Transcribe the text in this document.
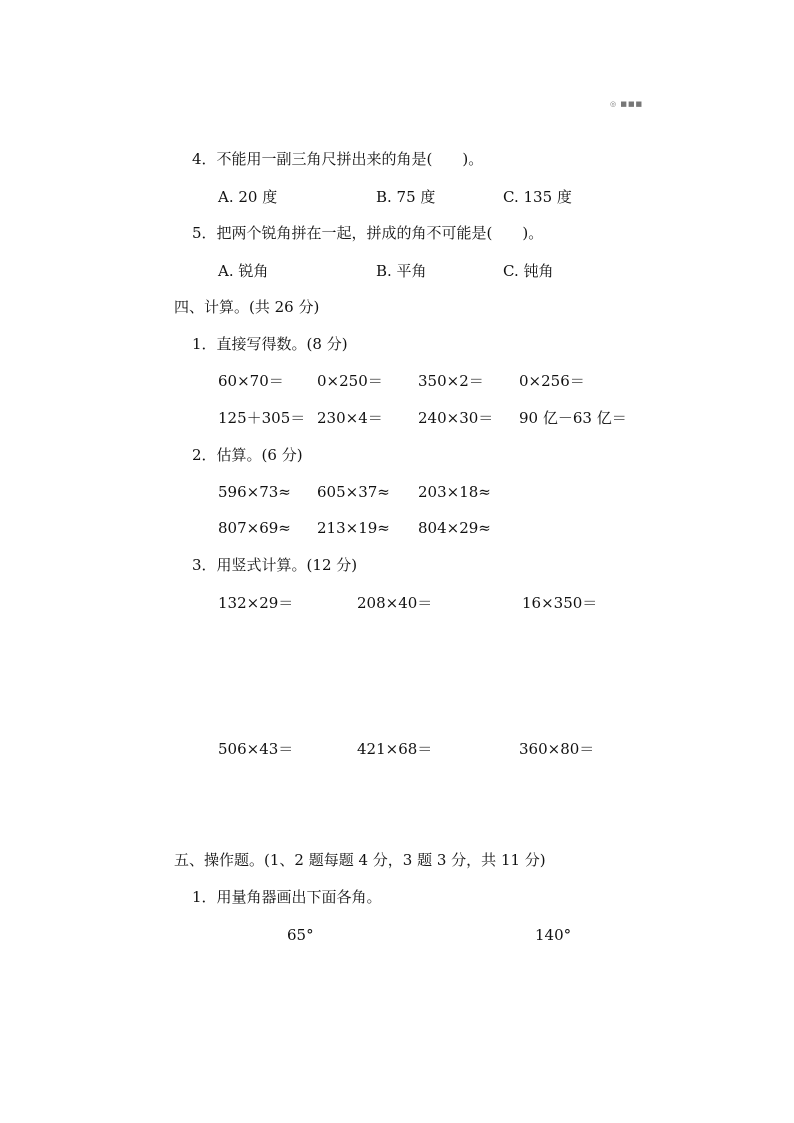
◎ ■■■
4．不能用一副三角尺拼出来的角是(　　)。
A. 20 度	B. 75 度	C. 135 度
5．把两个锐角拼在一起，拼成的角不可能是(　　)。
A. 锐角	B. 平角	C. 钝角
四、计算。(共 26 分)
1．直接写得数。(8 分)
60×70＝ 0×250＝ 350×2＝ 0×256＝
125＋305＝ 230×4＝ 240×30＝ 90 亿－63 亿＝
2．估算。(6 分)
596×73≈ 605×37≈ 203×18≈
807×69≈ 213×19≈ 804×29≈
3．用竖式计算。(12 分)
132×29＝	208×40＝	16×350＝
506×43＝	421×68＝	360×80＝
五、操作题。(1、2 题每题 4 分，3 题 3 分，共 11 分)
1．用量角器画出下面各角。
65°	140°
